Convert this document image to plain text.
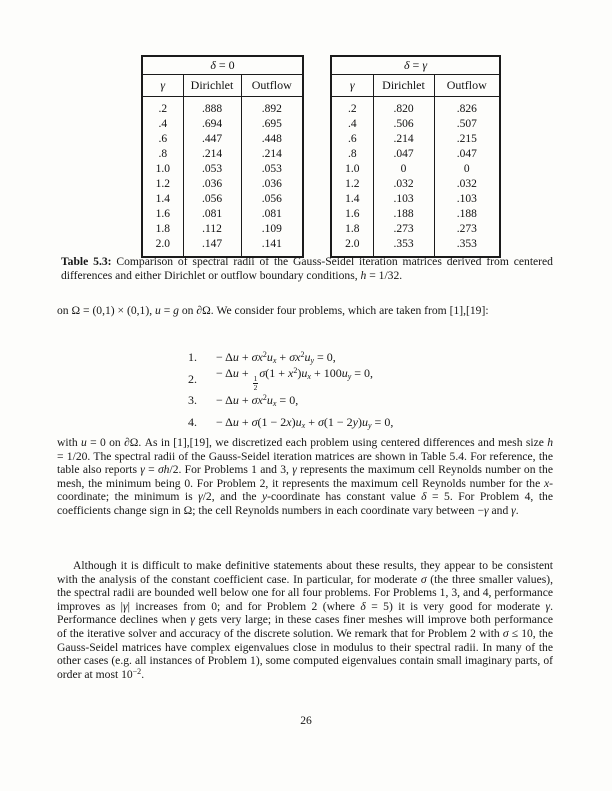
δ = 0		
γ	Dirichlet	Outflow
.2	.888	.892
.4	.694	.695
.6	.447	.448
.8	.214	.214
1.0	.053	.053
1.2	.036	.036
1.4	.056	.056
1.6	.081	.081
1.8	.112	.109
2.0	.147	.141
δ = γ		
γ	Dirichlet	Outflow
.2	.820	.826
.4	.506	.507
.6	.214	.215
.8	.047	.047
1.0	0	0
1.2	.032	.032
1.4	.103	.103
1.6	.188	.188
1.8	.273	.273
2.0	.353	.353

Table 5.3: Comparison of spectral radii of the Gauss-Seidel iteration matrices derived from centered differences and either Dirichlet or outflow boundary conditions, h = 1/32.

on Ω = (0,1) × (0,1), u = g on ∂Ω. We consider four problems, which are taken from [1],[19]:

1.	− $\Delta u + \sigma x^2u_x + \sigma x^2u_y = 0$,
2.	− Δu +
$\frac{1}{2}$
$\sigma(1 + x^2)u_x + 100u_y = 0$,
3.	− $\Delta u + \sigma x^2u_x = 0$,
4.	− $\Delta u + \sigma(1 - 2x)u_x + \sigma(1 - 2y)u_y = 0$,

with u = 0 on ∂Ω. As in [1],[19], we discretized each problem using centered differences and mesh size h = 1/20. The spectral radii of the Gauss-Seidel iteration matrices are shown in Table 5.4. For reference, the table also reports γ = σh/2. For Problems 1 and 3, γ represents the maximum cell Reynolds number on the mesh, the minimum being 0. For Problem 2, it represents the maximum cell Reynolds number for the x-coordinate; the minimum is γ/2, and the y-coordinate has constant value δ = 5. For Problem 4, the coefficients change sign in Ω; the cell Reynolds numbers in each coordinate vary between −γ and γ.

Although it is difficult to make definitive statements about these results, they appear to be consistent with the analysis of the constant coefficient case. In particular, for moderate σ (the three smaller values), the spectral radii are bounded well below one for all four problems. For Problems 1, 3, and 4, performance improves as |γ| increases from 0; and for Problem 2 (where δ = 5) it is very good for moderate γ. Performance declines when γ gets very large; in these cases finer meshes will improve both performance of the iterative solver and accuracy of the discrete solution. We remark that for Problem 2 with σ ≤ 10, the Gauss-Seidel matrices have complex eigenvalues close in modulus to their spectral radii. In many of the other cases (e.g. all instances of Problem 1), some computed eigenvalues contain small imaginary parts, of order at most $10^{-2}$.

26
